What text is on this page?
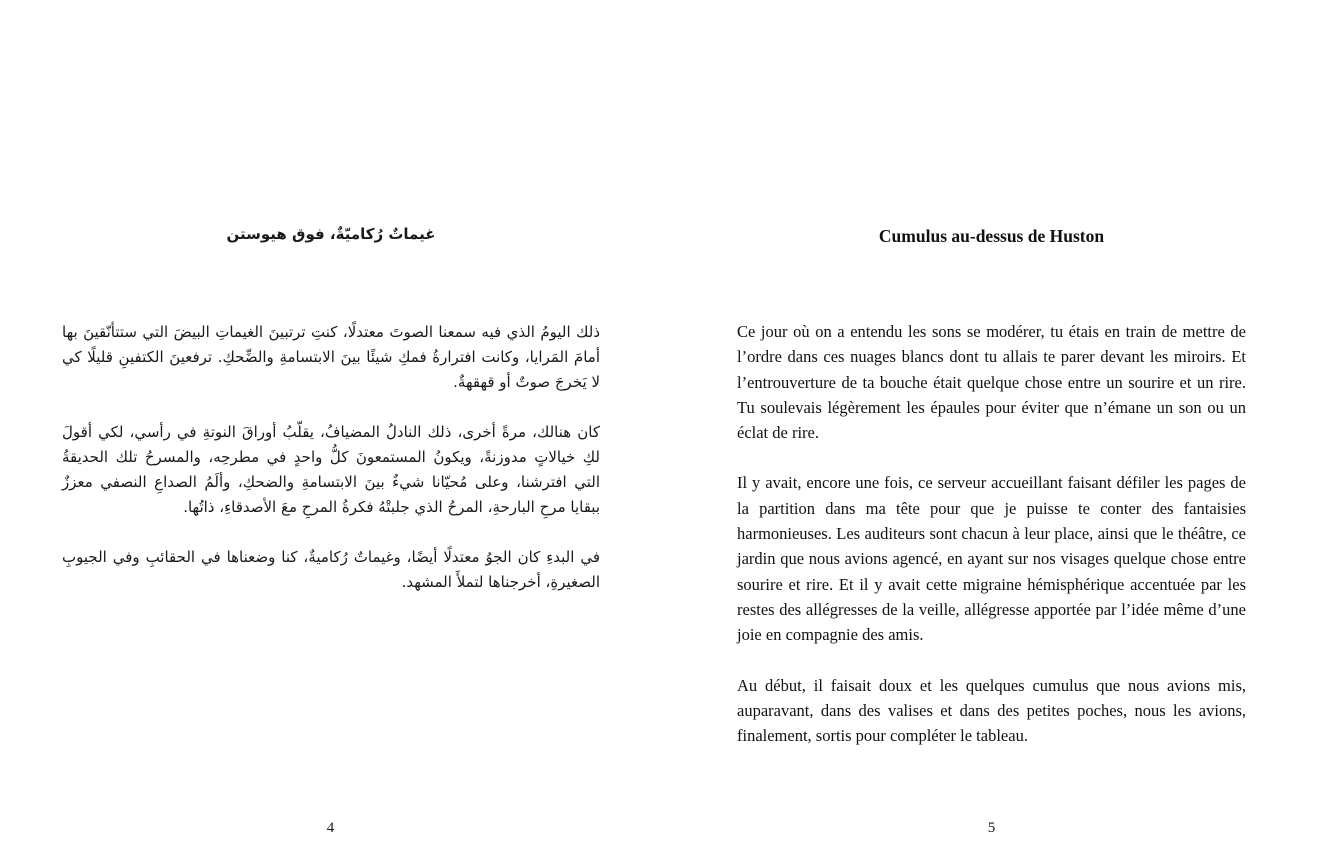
غيماتٌ رُكاميّةٌ، فوق هيوستن

ذلك اليومُ الذي فيه سمعنا الصوتَ معتدلًا، كنتِ ترتبينَ الغيماتِ البيضَ التي ستتأنّقينَ بها أمامَ المَرايا، وكانت افترارةُ فمكِ شيئًا بينَ الابتسامةِ والضِّحكِ. ترفعينَ الكتفينِ قليلًا كي لا يَخرجَ صوتٌ أو قهقهةٌ.

كان هنالك، مرةً أخرى، ذلك النادلُ المضيافُ، يقلّبُ أوراقَ النوتةِ في رأسي، لكي أقولَ لكِ خيالاتٍ مدوزنةً، ويكونُ المستمعونَ كلُّ واحدٍ في مطرحِه، والمسرحُ تلك الحديقةُ التي افترشنا، وعلى مُحيّانا شيءٌ بينَ الابتسامةِ والضحكِ، وألَمُ الصداعِ النصفي معززٌ ببقايا مرحِ البارحةِ، المرحُ الذي جلبتْهُ فكرةُ المرحِ معَ الأصدقاءِ، ذاتُها.

في البدءِ كان الجوُ معتدلًا أيضًا، وغيماتٌ رُكاميةٌ، كنا وضعناها في الحقائبِ وفي الجيوبِ الصغيرةِ، أخرجناها لتملأَ المشهد.

4
Cumulus au-dessus de Huston

Ce jour où on a entendu les sons se modérer, tu étais en train de mettre de l’ordre dans ces nuages blancs dont tu allais te parer devant les miroirs. Et l’entrouverture de ta bouche était quelque chose entre un sourire et un rire. Tu soulevais légèrement les épaules pour éviter que n’émane un son ou un éclat de rire.

Il y avait, encore une fois, ce serveur accueillant faisant défiler les pages de la partition dans ma tête pour que je puisse te conter des fantaisies harmonieuses. Les auditeurs sont chacun à leur place, ainsi que le théâtre, ce jardin que nous avions agencé, en ayant sur nos visages quelque chose entre sourire et rire. Et il y avait cette migraine hémisphérique accentuée par les restes des allégresses de la veille, allégresse apportée par l’idée même d’une joie en compagnie des amis.

Au début, il faisait doux et les quelques cumulus que nous avions mis, auparavant, dans des valises et dans des petites poches, nous les avions, finalement, sortis pour compléter le tableau.

5
